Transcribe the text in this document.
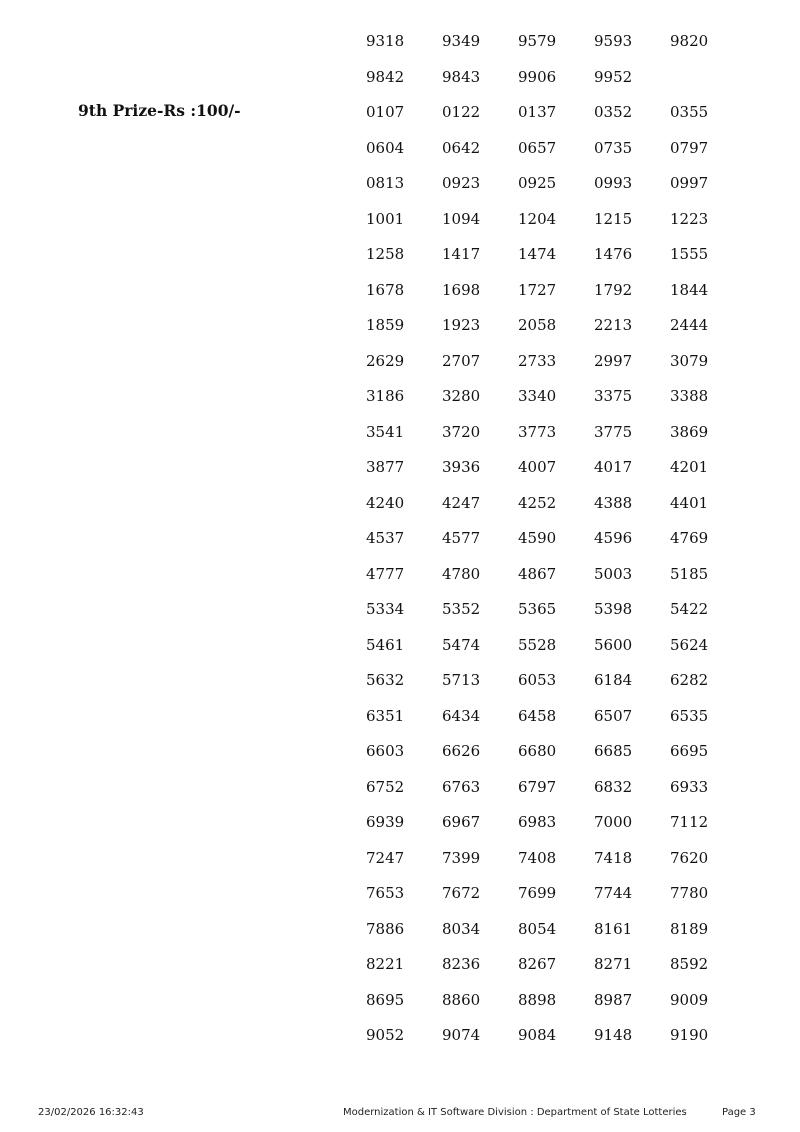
9th Prize-Rs :100/-
9318	9349	9579	9593	9820
9842	9843	9906	9952
0107	0122	0137	0352	0355
0604	0642	0657	0735	0797
0813	0923	0925	0993	0997
1001	1094	1204	1215	1223
1258	1417	1474	1476	1555
1678	1698	1727	1792	1844
1859	1923	2058	2213	2444
2629	2707	2733	2997	3079
3186	3280	3340	3375	3388
3541	3720	3773	3775	3869
3877	3936	4007	4017	4201
4240	4247	4252	4388	4401
4537	4577	4590	4596	4769
4777	4780	4867	5003	5185
5334	5352	5365	5398	5422
5461	5474	5528	5600	5624
5632	5713	6053	6184	6282
6351	6434	6458	6507	6535
6603	6626	6680	6685	6695
6752	6763	6797	6832	6933
6939	6967	6983	7000	7112
7247	7399	7408	7418	7620
7653	7672	7699	7744	7780
7886	8034	8054	8161	8189
8221	8236	8267	8271	8592
8695	8860	8898	8987	9009
9052	9074	9084	9148	9190
23/02/2026 16:32:43	Modernization & IT Software Division : Department of State Lotteries	Page 3
